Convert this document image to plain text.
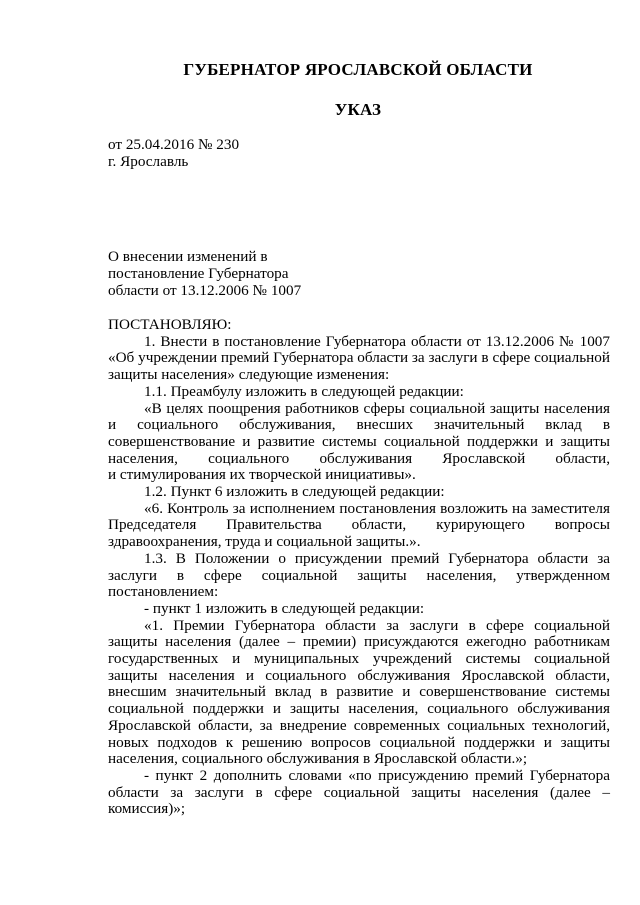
ГУБЕРНАТОР ЯРОСЛАВСКОЙ ОБЛАСТИ
УКАЗ
от 25.04.2016 № 230
г. Ярославль
О внесении изменений в
постановление Губернатора
области от 13.12.2006 № 1007

ПОСТАНОВЛЯЮ:

1. Внести в постановление Губернатора области от 13.12.2006 № 1007 «Об учреждении премий Губернатора области за заслуги в сфере социальной защиты населения» следующие изменения:

1.1. Преамбулу изложить в следующей редакции:

«В целях поощрения работников сферы социальной защиты населения и социального обслуживания, внесших значительный вклад в совершенствование и развитие системы социальной поддержки и защиты населения, социального обслуживания Ярославской области,

и стимулирования их творческой инициативы».

1.2. Пункт 6 изложить в следующей редакции:

«6. Контроль за исполнением постановления возложить на заместителя Председателя Правительства области, курирующего вопросы здравоохранения, труда и социальной защиты.».

1.3. В Положении о присуждении премий Губернатора области за заслуги в сфере социальной защиты населения, утвержденном постановлением:

- пункт 1 изложить в следующей редакции:

«1. Премии Губернатора области за заслуги в сфере социальной защиты населения (далее – премии) присуждаются ежегодно работникам государственных и муниципальных учреждений системы социальной защиты населения и социального обслуживания Ярославской области, внесшим значительный вклад в развитие и совершенствование системы социальной поддержки и защиты населения, социального обслуживания Ярославской области, за внедрение современных социальных технологий, новых подходов к решению вопросов социальной поддержки и защиты населения, социального обслуживания в Ярославской области.»;

- пункт 2 дополнить словами «по присуждению премий Губернатора области за заслуги в сфере социальной защиты населения (далее – комиссия)»;
